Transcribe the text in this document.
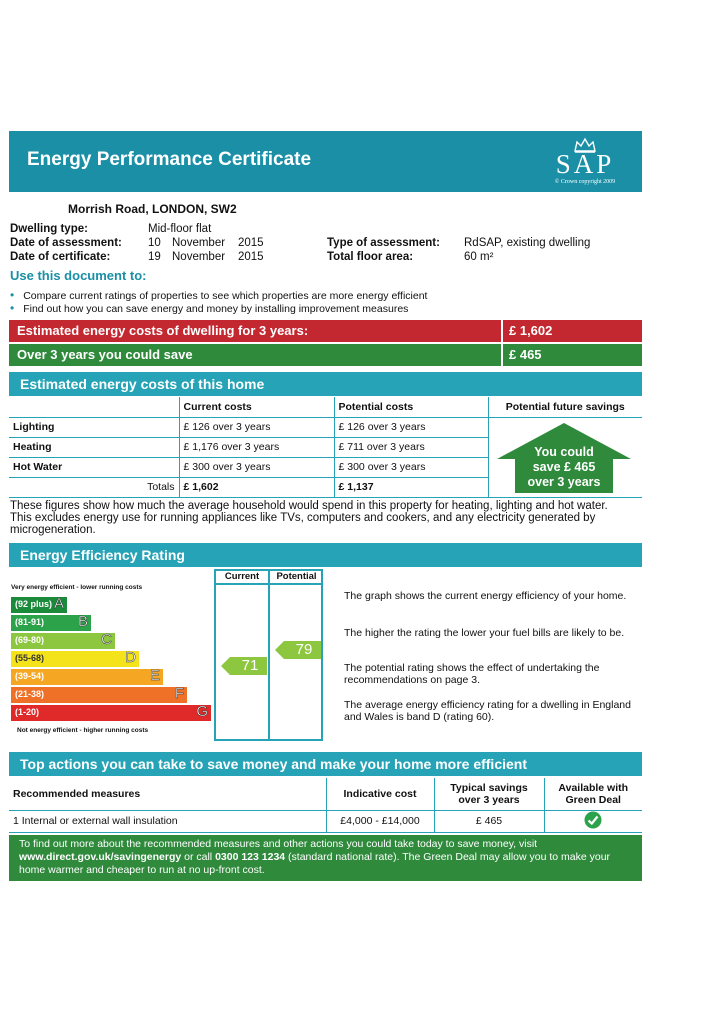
Energy Performance Certificate	SAP
© Crown copyright 2009
Morrish Road, LONDON, SW2
Dwelling type:	Mid-floor flat
Date of assessment: 10 November 2015
Date of certificate:	19 November 2015
Type of assessment: RdSAP, existing dwelling
Total floor area:	60 m²
Use this document to:
• Compare current ratings of properties to see which properties are more energy efficient
• Find out how you can save energy and money by installing improvement measures
Estimated energy costs of dwelling for 3 years:	£ 1,602
Over 3 years you could save	£ 465
Estimated energy costs of this home
	Current costs	Potential costs	Potential future savings
Lighting	£ 126 over 3 years	£ 126 over 3 years	
Heating	£ 1,176 over 3 years	£ 711 over 3 years	
Hot Water	£ 300 over 3 years	£ 300 over 3 years	
Totals	£ 1,602	£ 1,137	
You could
save £ 465
over 3 years
These figures show how much the average household would spend in this property for heating, lighting and hot water. This excludes energy use for running appliances like TVs, computers and cookers, and any electricity generated by microgeneration.
Energy Efficiency Rating
Current	Potential
Very energy efficient - lower running costs
(92 plus) A
(81-91) B
(69-80)	C
(55-68)	D
(39-54)	E
(21-38)	F
(1-20)	G
Not energy efficient - higher running costs
71
79
The graph shows the current energy efficiency of your home.
The higher the rating the lower your fuel bills are likely to be.
The potential rating shows the effect of undertaking the recommendations on page 3.
The average energy efficiency rating for a dwelling in England and Wales is band D (rating 60).
Top actions you can take to save money and make your home more efficient
Recommended measures	Indicative cost	Typical savings over 3 years	Available with Green Deal
1 Internal or external wall insulation	£4,000 - £14,000	£ 465	
To find out more about the recommended measures and other actions you could take today to save money, visit www.direct.gov.uk/savingenergy or call 0300 123 1234 (standard national rate). The Green Deal may allow you to make your home warmer and cheaper to run at no up-front cost.
